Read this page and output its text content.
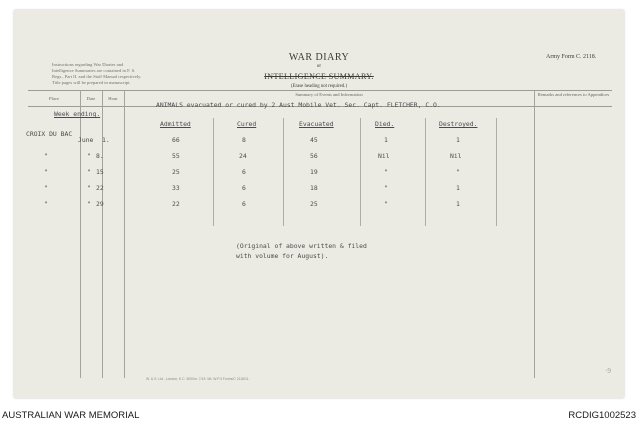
Instructions regarding War Diaries and Intelligence Summaries are contained in F. S. Regs., Part II. and the Staff Manual respectively. Title pages will be prepared in manuscript.
WAR DIARY
or
INTELLIGENCE SUMMARY.
(Erase heading not required.)
Army Form C. 2118.
Place	Date	Hour
Summary of Events and Information	Remarks and references to Appendices
ANIMALS evacuated or cured by 2 Aust Mobile Vet. Sec. Capt. FLETCHER, C.O.
Week ending.
Admitted	Cured	Evacuated	Died.	Destroyed.
CROIX DU BAC
June 1.	66	8	45	1	1
"	" 8.	55	24	56	Nil	Nil
"	" 15	25	6	19	"	"
"	" 22	33	6	18	"	1
"	" 29	22	6	25	"	1
(Original of above written & filed
with volume for August).
W. & S. Ltd., London, E.C. 5000m. 7/15. Wt. W.P.3 Forms/C 2118/11.
·9
AUSTRALIAN WAR MEMORIAL	RCDIG1002523
